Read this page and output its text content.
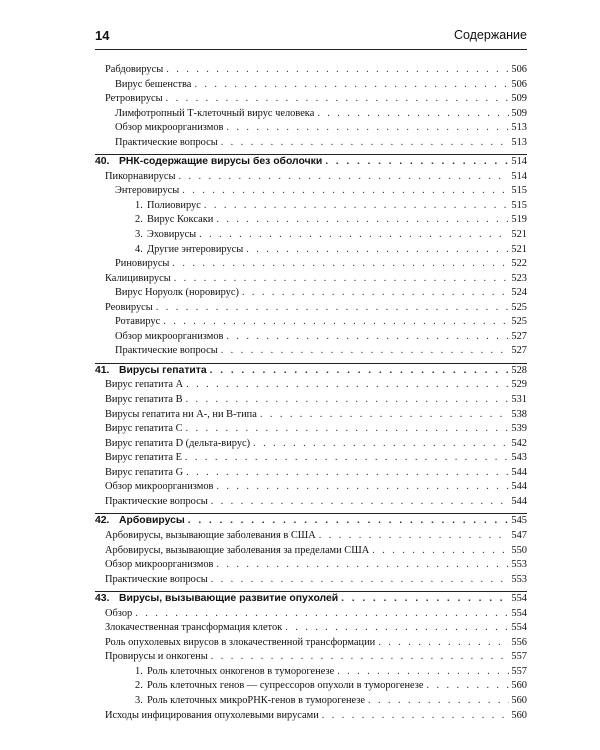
14	Содержание
Рабдовирусы . . .	506
Вирус бешенства . . .	506
Ретровирусы . . .	509
Лимфотропный Т-клеточный вирус человека . . .	509
Обзор микроорганизмов . . .	513
Практические вопросы . . .	513
40. РНК-содержащие вирусы без оболочки . . .	514
Пикорнавирусы . . .	514
Энтеровирусы . . .	515
1. Полиовирус . . .	515
2. Вирус Коксаки . . .	519
3. Эховирусы . . .	521
4. Другие энтеровирусы . . .	521
Риновирусы . . .	522
Калицивирусы . . .	523
Вирус Норуолк (норовирус) . . .	524
Реовирусы . . .	525
Ротавирус . . .	525
Обзор микроорганизмов . . .	527
Практические вопросы . . .	527
41. Вирусы гепатита . . .	528
Вирус гепатита A . . .	529
Вирус гепатита B . . .	531
Вирусы гепатита ни A-, ни B-типа . . .	538
Вирус гепатита C . . .	539
Вирус гепатита D (дельта-вирус) . . .	542
Вирус гепатита E . . .	543
Вирус гепатита G . . .	544
Обзор микроорганизмов . . .	544
Практические вопросы . . .	544
42. Арбовирусы . . .	545
Арбовирусы, вызывающие заболевания в США . . .	547
Арбовирусы, вызывающие заболевания за пределами США . . .	550
Обзор микроорганизмов . . .	553
Практические вопросы . . .	553
43. Вирусы, вызывающие развитие опухолей . . .	554
Обзор . . .	554
Злокачественная трансформация клеток . . .	554
Роль опухолевых вирусов в злокачественной трансформации . . .	556
Провирусы и онкогены . . .	557
1. Роль клеточных онкогенов в туморогенезе . . .	557
2. Роль клеточных генов — супрессоров опухоли в туморогенезе . . .	560
3. Роль клеточных микроРНК-генов в туморогенезе . . .	560
Исходы инфицирования опухолевыми вирусами . . .	560
